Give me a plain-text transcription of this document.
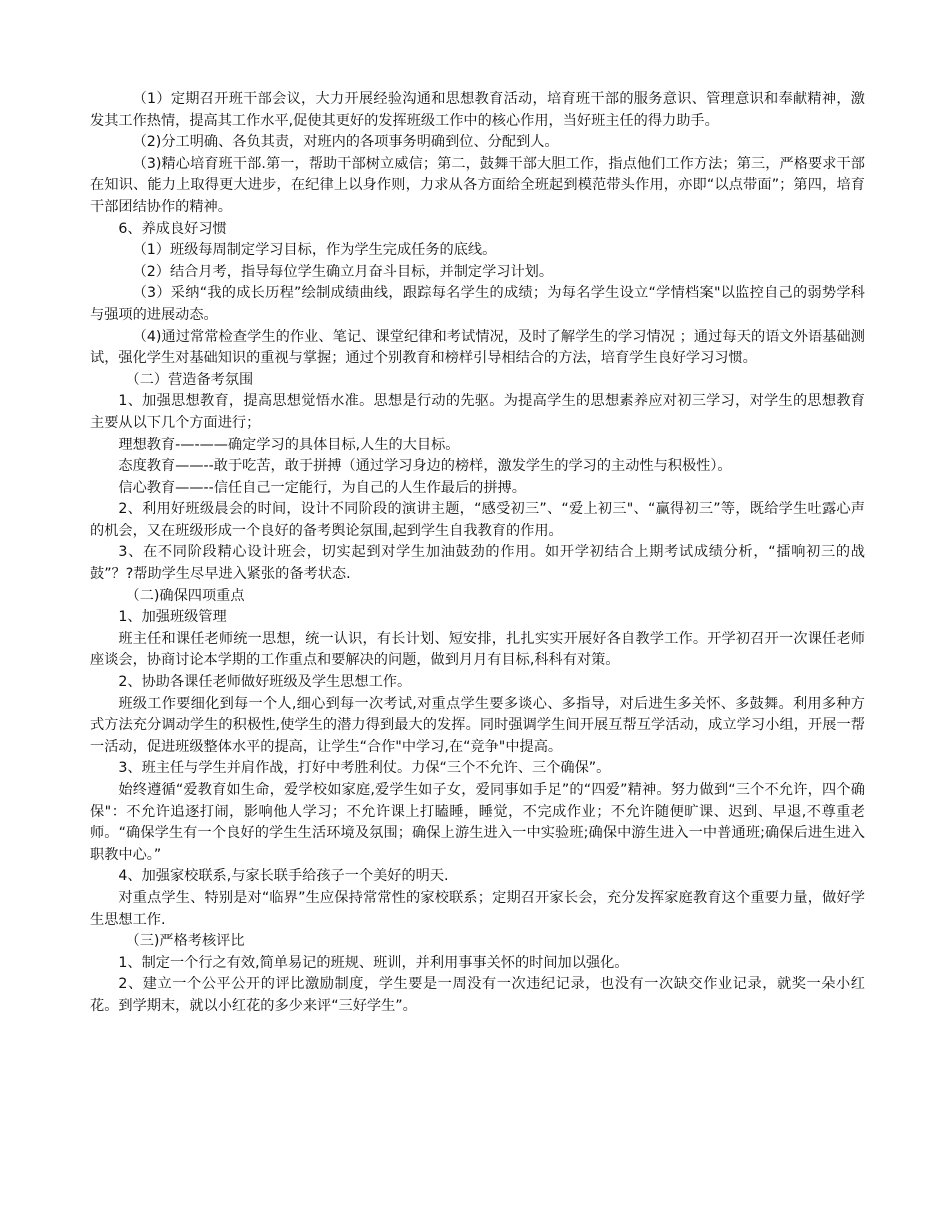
（1）定期召开班干部会议，大力开展经验沟通和思想教育活动，培育班干部的服务意识、管理意识和奉献精神，激发其工作热情，提高其工作水平,促使其更好的发挥班级工作中的核心作用，当好班主任的得力助手。

（2)分工明确、各负其责，对班内的各项事务明确到位、分配到人。

（3)精心培育班干部.第一，帮助干部树立威信；第二，鼓舞干部大胆工作，指点他们工作方法；第三，严格要求干部在知识、能力上取得更大进步，在纪律上以身作则，力求从各方面给全班起到模范带头作用，亦即“以点带面”；第四，培育干部团结协作的精神。

6、养成良好习惯

（1）班级每周制定学习目标，作为学生完成任务的底线。

（2）结合月考，指导每位学生确立月奋斗目标，并制定学习计划。

（3）采纳“我的成长历程”绘制成绩曲线，跟踪每名学生的成绩；为每名学生设立“学情档案"以监控自己的弱势学科与强项的进展动态。

（4)通过常常检查学生的作业、笔记、课堂纪律和考试情况，及时了解学生的学习情况 ；通过每天的语文外语基础测试，强化学生对基础知识的重视与掌握；通过个别教育和榜样引导相结合的方法，培育学生良好学习习惯。

（二）营造备考氛围

1、加强思想教育，提高思想觉悟水准。思想是行动的先驱。为提高学生的思想素养应对初三学习，对学生的思想教育主要从以下几个方面进行；

理想教育-—-——确定学习的具体目标,人生的大目标。

态度教育——--敢于吃苦，敢于拼搏（通过学习身边的榜样，激发学生的学习的主动性与积极性）。

信心教育——--信任自己一定能行，为自己的人生作最后的拼搏。

2、利用好班级晨会的时间，设计不同阶段的演讲主题，“感受初三”、“爱上初三"、“赢得初三”等，既给学生吐露心声的机会，又在班级形成一个良好的备考舆论氛围,起到学生自我教育的作用。

3、在不同阶段精心设计班会，切实起到对学生加油鼓劲的作用。如开学初结合上期考试成绩分析，“擂响初三的战鼓”？?帮助学生尽早进入紧张的备考状态.

（二)确保四项重点

1、加强班级管理

班主任和课任老师统一思想，统一认识，有长计划、短安排，扎扎实实开展好各自教学工作。开学初召开一次课任老师座谈会，协商讨论本学期的工作重点和要解决的问题，做到月月有目标,科科有对策。

2、协助各课任老师做好班级及学生思想工作。

班级工作要细化到每一个人,细心到每一次考试,对重点学生要多谈心、多指导，对后进生多关怀、多鼓舞。利用多种方式方法充分调动学生的积极性,使学生的潜力得到最大的发挥。同时强调学生间开展互帮互学活动，成立学习小组，开展一帮一活动，促进班级整体水平的提高，让学生“合作"中学习,在“竞争"中提高。

3、班主任与学生并肩作战，打好中考胜利仗。力保“三个不允许、三个确保”。

始终遵循“爱教育如生命，爱学校如家庭,爱学生如子女，爱同事如手足”的“四爱”精神。努力做到“三个不允许，四个确保"：不允许追逐打闹，影响他人学习；不允许课上打瞌睡，睡觉，不完成作业；不允许随便旷课、迟到、早退,不尊重老师。“确保学生有一个良好的学生生活环境及氛围；确保上游生进入一中实验班;确保中游生进入一中普通班;确保后进生进入职教中心。”

4、加强家校联系,与家长联手给孩子一个美好的明天.

对重点学生、特别是对“临界”生应保持常常性的家校联系；定期召开家长会，充分发挥家庭教育这个重要力量，做好学生思想工作.

（三)严格考核评比

1、制定一个行之有效,简单易记的班规、班训，并利用事事关怀的时间加以强化。

2、建立一个公平公开的评比激励制度，学生要是一周没有一次违纪记录，也没有一次缺交作业记录，就奖一朵小红花。到学期末，就以小红花的多少来评“三好学生”。
